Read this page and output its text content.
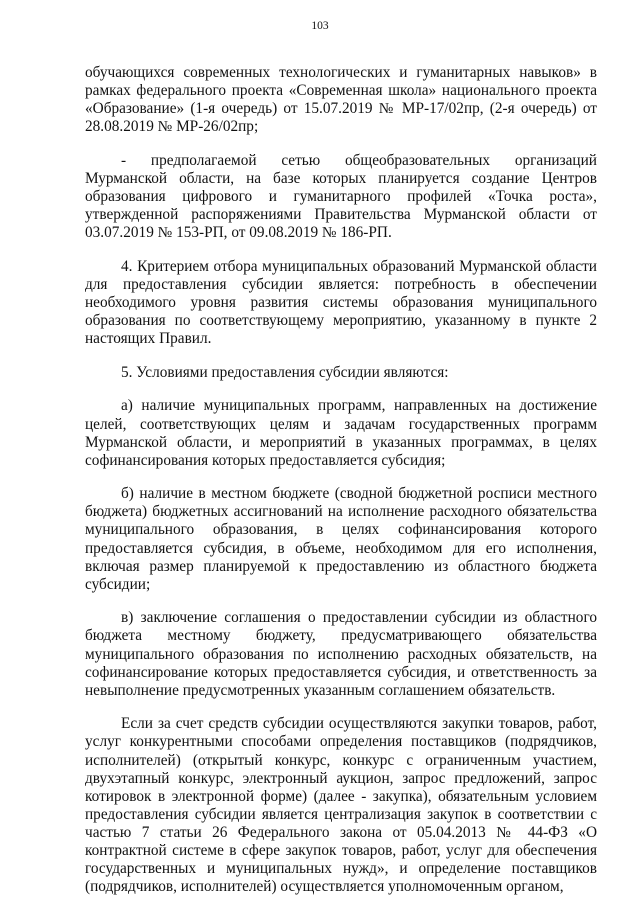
103

обучающихся современных технологических и гуманитарных навыков» в рамках федерального проекта «Современная школа» национального проекта «Образование» (1-я очередь) от 15.07.2019 № МР-17/02пр, (2-я очередь) от 28.08.2019 № МР-26/02пр;

- предполагаемой сетью общеобразовательных организаций Мурманской области, на базе которых планируется создание Центров образования цифрового и гуманитарного профилей «Точка роста», утвержденной распоряжениями Правительства Мурманской области от 03.07.2019 № 153-РП, от 09.08.2019 № 186-РП.

4. Критерием отбора муниципальных образований Мурманской области для предоставления субсидии является: потребность в обеспечении необходимого уровня развития системы образования муниципального образования по соответствующему мероприятию, указанному в пункте 2 настоящих Правил.

5. Условиями предоставления субсидии являются:

а) наличие муниципальных программ, направленных на достижение целей, соответствующих целям и задачам государственных программ Мурманской области, и мероприятий в указанных программах, в целях софинансирования которых предоставляется субсидия;

б) наличие в местном бюджете (сводной бюджетной росписи местного бюджета) бюджетных ассигнований на исполнение расходного обязательства муниципального образования, в целях софинансирования которого предоставляется субсидия, в объеме, необходимом для его исполнения, включая размер планируемой к предоставлению из областного бюджета субсидии;

в) заключение соглашения о предоставлении субсидии из областного бюджета местному бюджету, предусматривающего обязательства муниципального образования по исполнению расходных обязательств, на софинансирование которых предоставляется субсидия, и ответственность за невыполнение предусмотренных указанным соглашением обязательств.

Если за счет средств субсидии осуществляются закупки товаров, работ, услуг конкурентными способами определения поставщиков (подрядчиков, исполнителей) (открытый конкурс, конкурс с ограниченным участием, двухэтапный конкурс, электронный аукцион, запрос предложений, запрос котировок в электронной форме) (далее - закупка), обязательным условием предоставления субсидии является централизация закупок в соответствии с частью 7 статьи 26 Федерального закона от 05.04.2013 № 44-ФЗ «О контрактной системе в сфере закупок товаров, работ, услуг для обеспечения государственных и муниципальных нужд», и определение поставщиков (подрядчиков, исполнителей) осуществляется уполномоченным органом,
